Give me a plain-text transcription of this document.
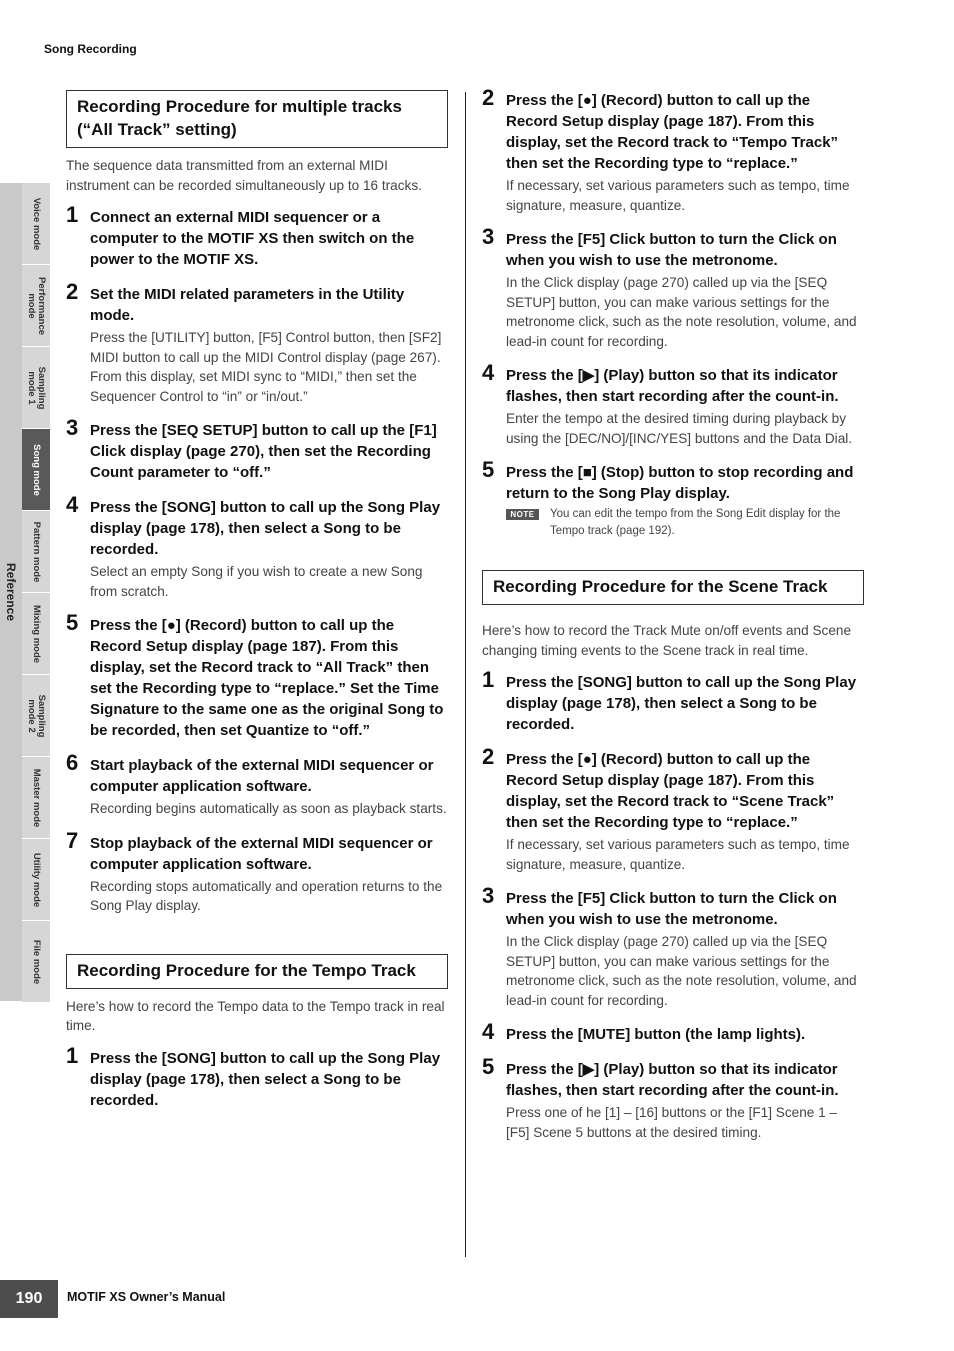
Song Recording
Reference
Voice mode
Performance
mode
Sampling
mode 1
Song mode
Pattern mode
Mixing mode
Sampling
mode 2
Master mode
Utility mode
File mode
Recording Procedure for multiple tracks (“All Track” setting)
The sequence data transmitted from an external MIDI instrument can be recorded simultaneously up to 16 tracks.
1 Connect an external MIDI sequencer or a computer to the MOTIF XS then switch on the power to the MOTIF XS.
2 Set the MIDI related parameters in the Utility mode.
Press the [UTILITY] button, [F5] Control button, then [SF2] MIDI button to call up the MIDI Control display (page 267). From this display, set MIDI sync to “MIDI,” then set the Sequencer Control to “in” or “in/out.”
3 Press the [SEQ SETUP] button to call up the [F1] Click display (page 270), then set the Recording Count parameter to “off.”
4 Press the [SONG] button to call up the Song Play display (page 178), then select a Song to be recorded.
Select an empty Song if you wish to create a new Song from scratch.
5 Press the [●] (Record) button to call up the Record Setup display (page 187). From this display, set the Record track to “All Track” then set the Recording type to “replace.” Set the Time Signature to the same one as the original Song to be recorded, then set Quantize to “off.”
6 Start playback of the external MIDI sequencer or computer application software.
Recording begins automatically as soon as playback starts.
7 Stop playback of the external MIDI sequencer or computer application software.
Recording stops automatically and operation returns to the Song Play display.
Recording Procedure for the Tempo Track
Here’s how to record the Tempo data to the Tempo track in real time.
1 Press the [SONG] button to call up the Song Play display (page 178), then select a Song to be recorded.
2 Press the [●] (Record) button to call up the Record Setup display (page 187). From this display, set the Record track to “Tempo Track” then set the Recording type to “replace.”
If necessary, set various parameters such as tempo, time signature, measure, quantize.
3 Press the [F5] Click button to turn the Click on when you wish to use the metronome.
In the Click display (page 270) called up via the [SEQ SETUP] button, you can make various settings for the metronome click, such as the note resolution, volume, and lead-in count for recording.
4 Press the [▶] (Play) button so that its indicator flashes, then start recording after the count-in.
Enter the tempo at the desired timing during playback by using the [DEC/NO]/[INC/YES] buttons and the Data Dial.
5 Press the [■] (Stop) button to stop recording and return to the Song Play display.
NOTE	You can edit the tempo from the Song Edit display for the Tempo track (page 192).
Recording Procedure for the Scene Track
Here’s how to record the Track Mute on/off events and Scene changing timing events to the Scene track in real time.
1 Press the [SONG] button to call up the Song Play display (page 178), then select a Song to be recorded.
2 Press the [●] (Record) button to call up the Record Setup display (page 187). From this display, set the Record track to “Scene Track” then set the Recording type to “replace.”
If necessary, set various parameters such as tempo, time signature, measure, quantize.
3 Press the [F5] Click button to turn the Click on when you wish to use the metronome.
In the Click display (page 270) called up via the [SEQ SETUP] button, you can make various settings for the metronome click, such as the note resolution, volume, and lead-in count for recording.
4 Press the [MUTE] button (the lamp lights).
5 Press the [▶] (Play) button so that its indicator flashes, then start recording after the count-in.
Press one of he [1] – [16] buttons or the [F1] Scene 1 – [F5] Scene 5 buttons at the desired timing.
190	MOTIF XS Owner’s Manual
